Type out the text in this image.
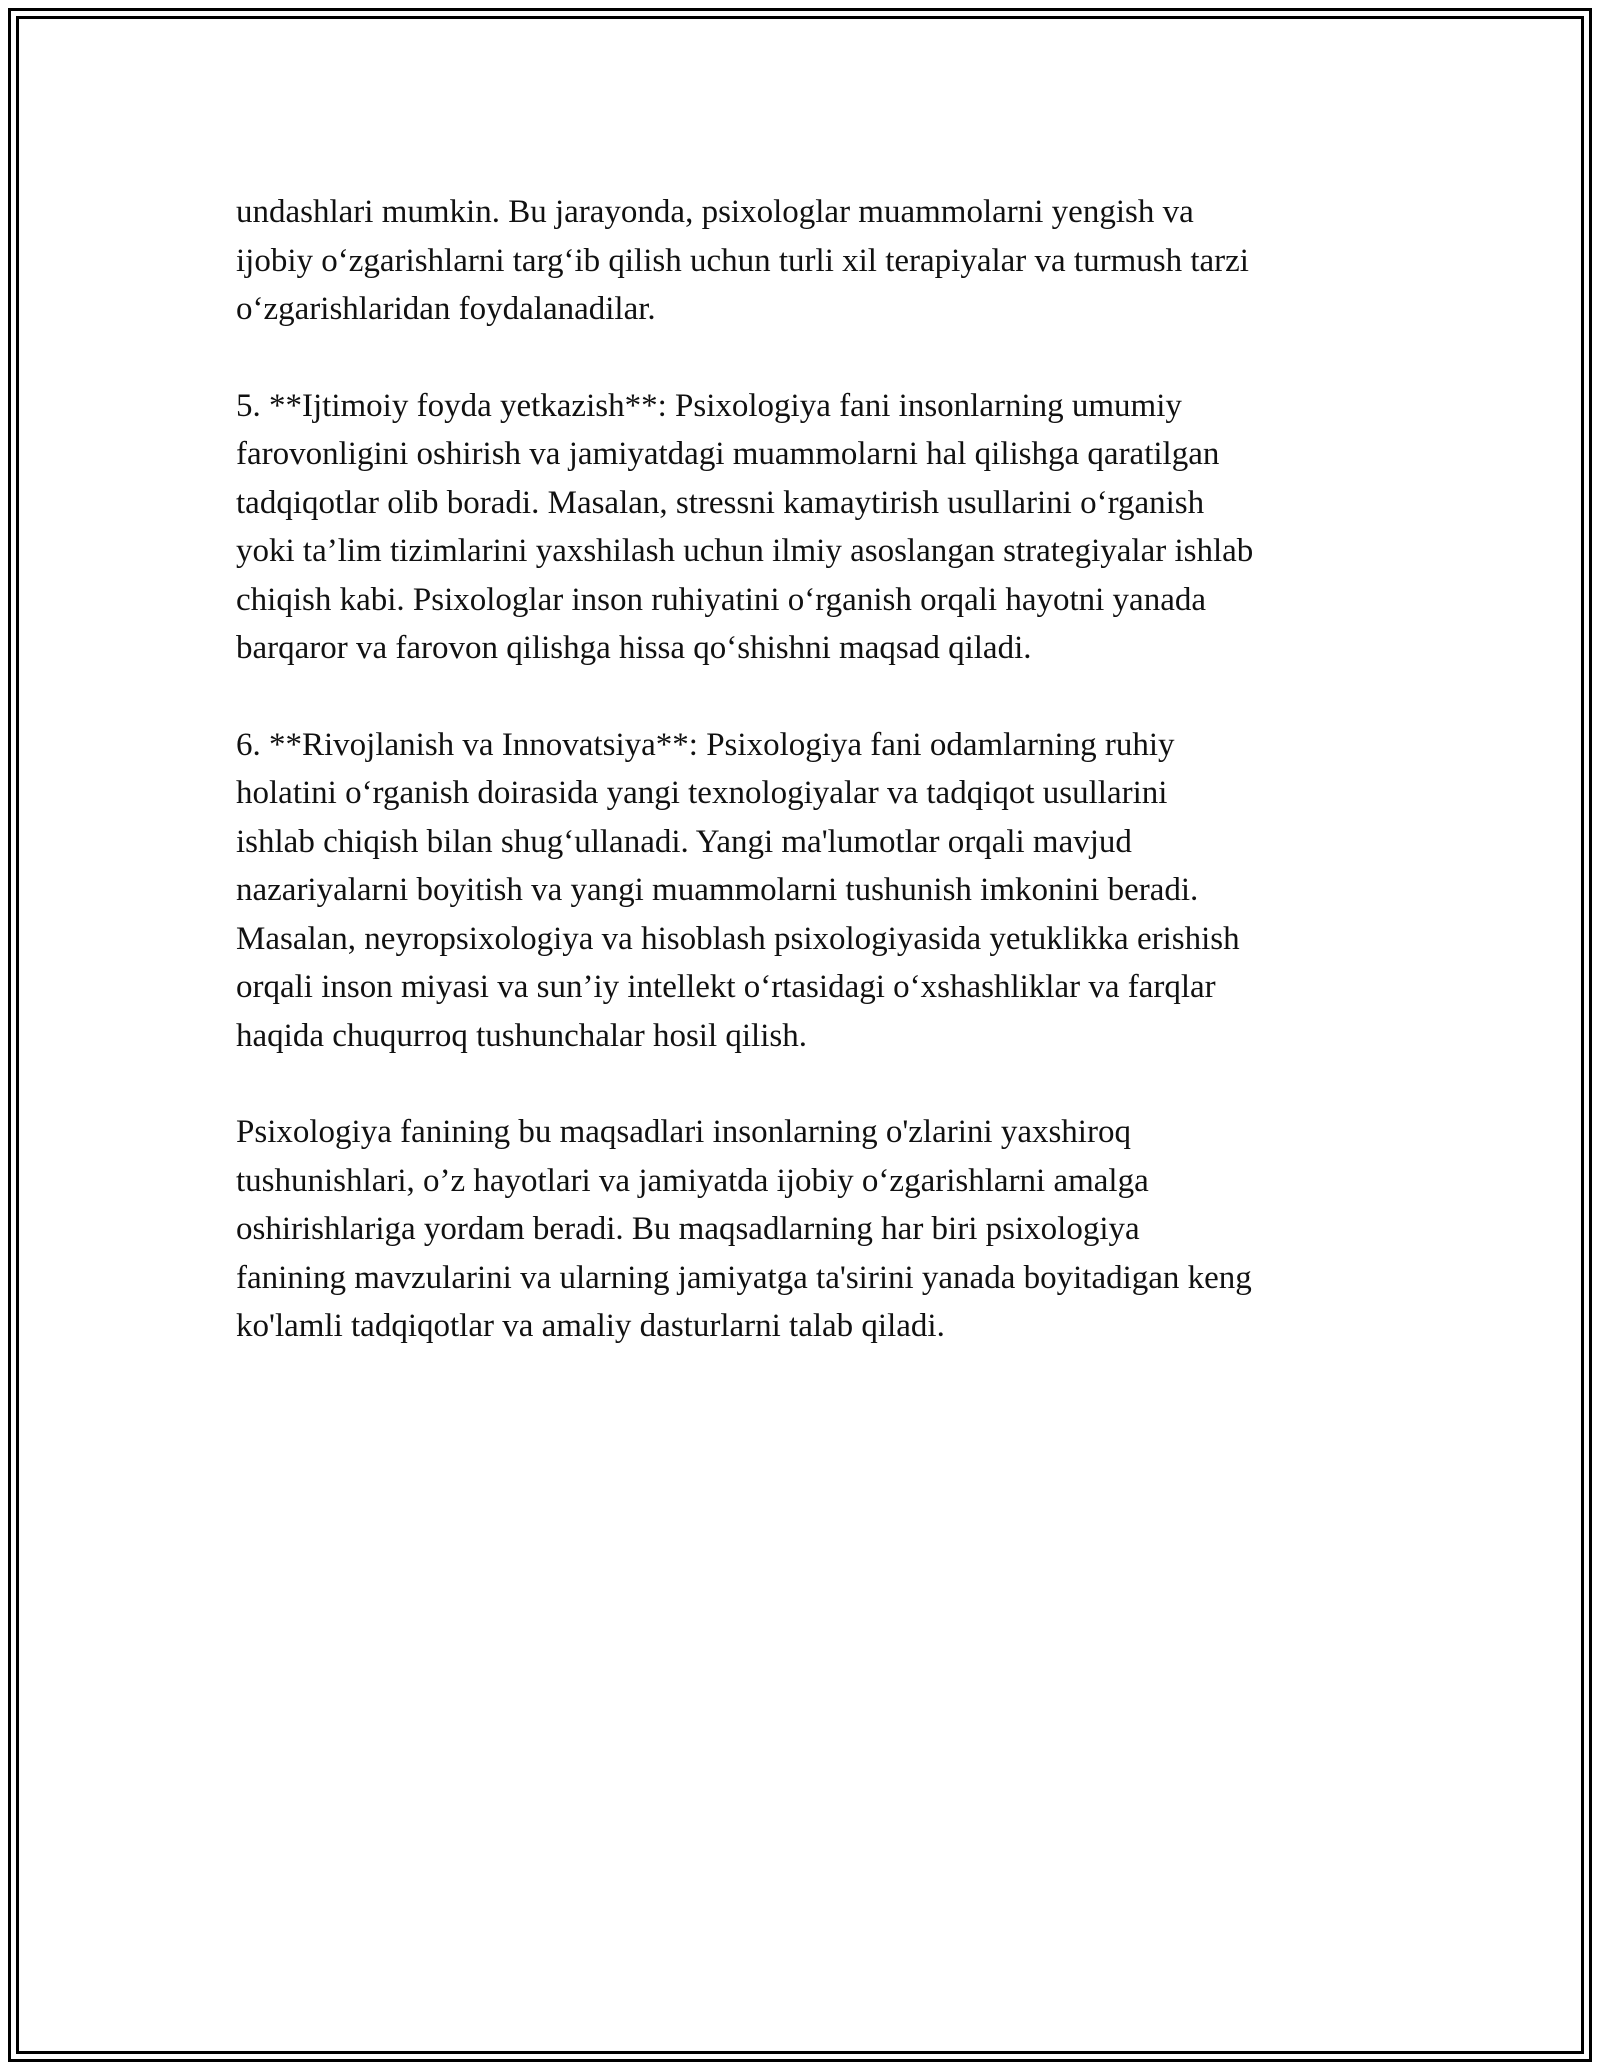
undashlari mumkin. Bu jarayonda, psixologlar muammolarni yengish va
ijobiy o‘zgarishlarni targ‘ib qilish uchun turli xil terapiyalar va turmush tarzi
o‘zgarishlaridan foydalanadilar.

5. **Ijtimoiy foyda yetkazish**: Psixologiya fani insonlarning umumiy
farovonligini oshirish va jamiyatdagi muammolarni hal qilishga qaratilgan
tadqiqotlar olib boradi. Masalan, stressni kamaytirish usullarini o‘rganish
yoki ta’lim tizimlarini yaxshilash uchun ilmiy asoslangan strategiyalar ishlab
chiqish kabi. Psixologlar inson ruhiyatini o‘rganish orqali hayotni yanada
barqaror va farovon qilishga hissa qo‘shishni maqsad qiladi.

6. **Rivojlanish va Innovatsiya**: Psixologiya fani odamlarning ruhiy
holatini o‘rganish doirasida yangi texnologiyalar va tadqiqot usullarini
ishlab chiqish bilan shug‘ullanadi. Yangi ma'lumotlar orqali mavjud
nazariyalarni boyitish va yangi muammolarni tushunish imkonini beradi.
Masalan, neyropsixologiya va hisoblash psixologiyasida yetuklikka erishish
orqali inson miyasi va sun’iy intellekt o‘rtasidagi o‘xshashliklar va farqlar
haqida chuqurroq tushunchalar hosil qilish.

Psixologiya fanining bu maqsadlari insonlarning o'zlarini yaxshiroq
tushunishlari, o’z hayotlari va jamiyatda ijobiy o‘zgarishlarni amalga
oshirishlariga yordam beradi. Bu maqsadlarning har biri psixologiya
fanining mavzularini va ularning jamiyatga ta'sirini yanada boyitadigan keng
ko'lamli tadqiqotlar va amaliy dasturlarni talab qiladi.
